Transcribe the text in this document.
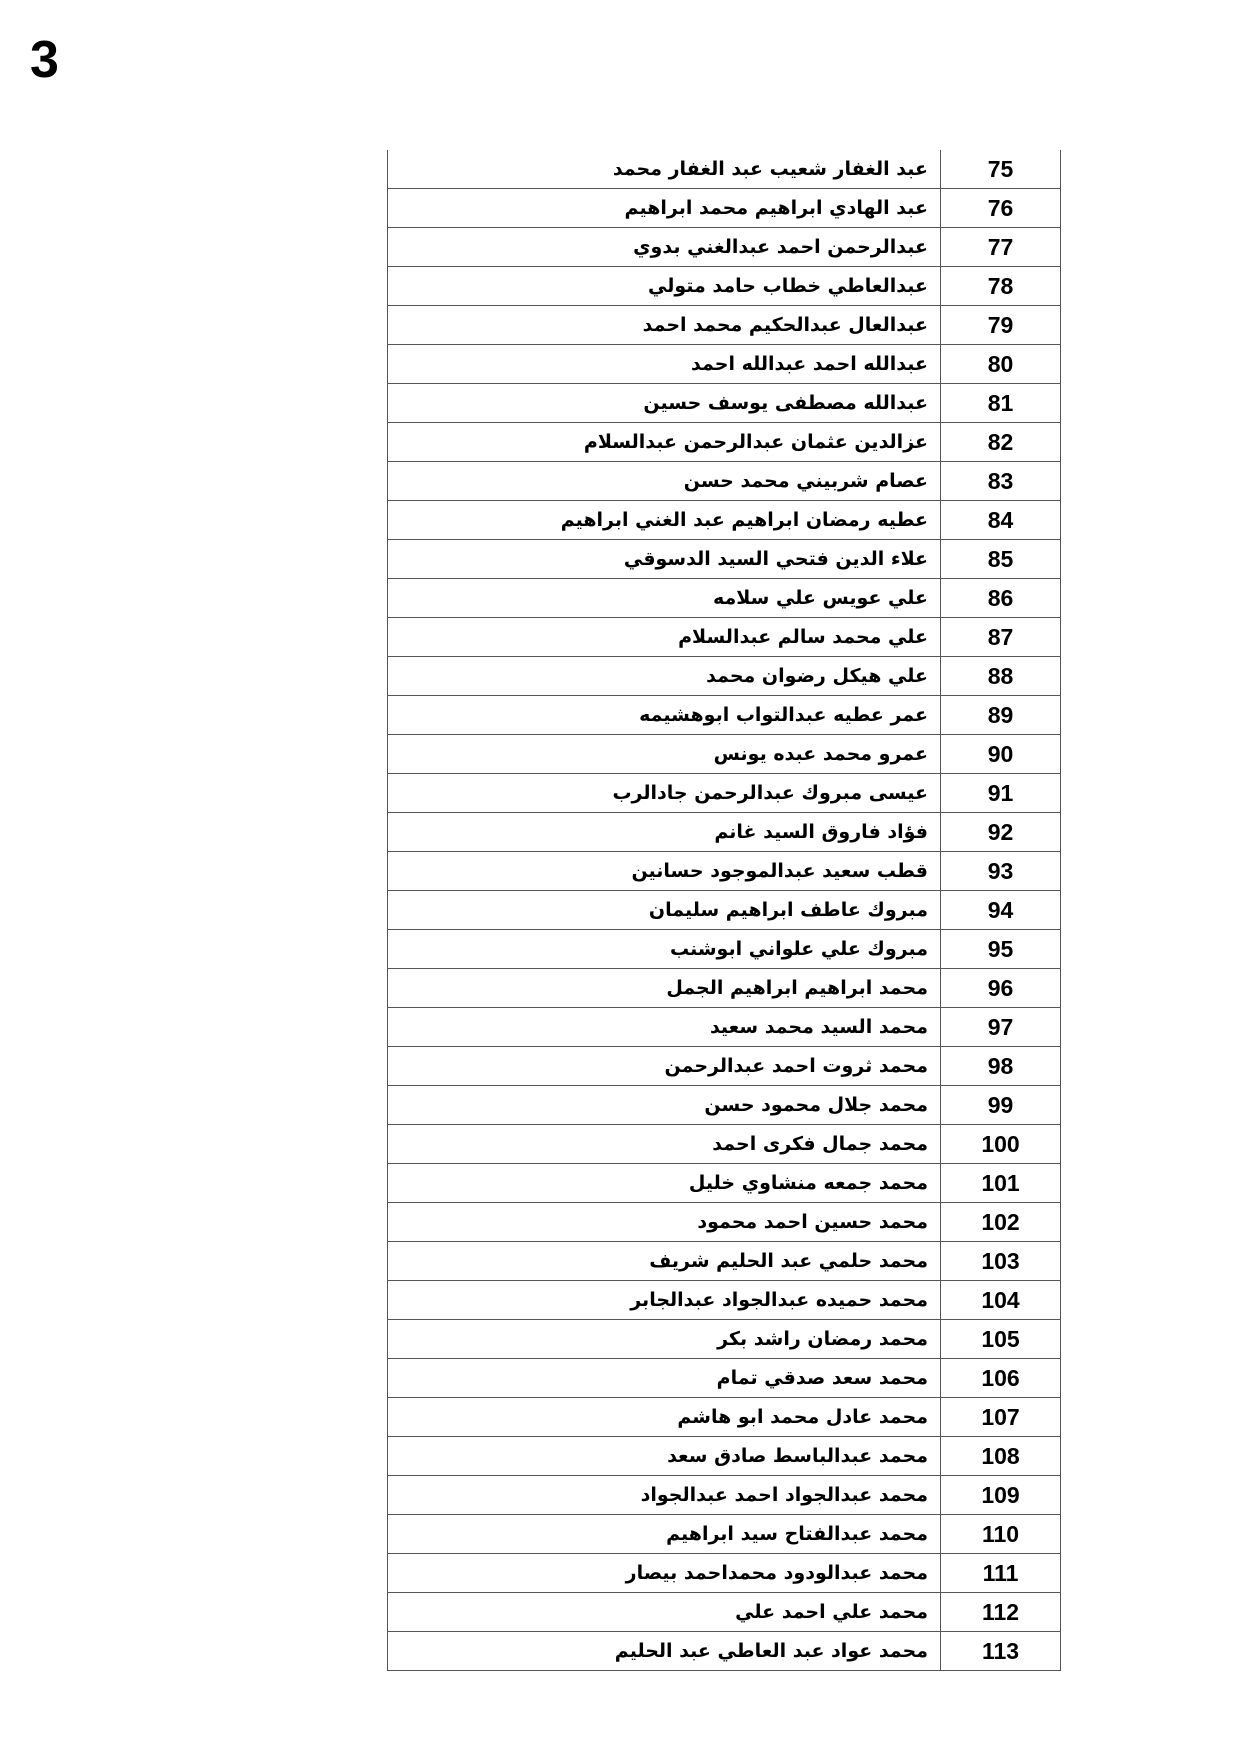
3
عبد الغفار شعيب عبد الغفار محمد	75
عبد الهادي ابراهيم محمد ابراهيم	76
عبدالرحمن احمد عبدالغني بدوي	77
عبدالعاطي خطاب حامد متولي	78
عبدالعال عبدالحكيم محمد احمد	79
عبدالله احمد عبدالله احمد	80
عبدالله مصطفى يوسف حسين	81
عزالدين عثمان عبدالرحمن عبدالسلام	82
عصام شربيني محمد حسن	83
عطيه رمضان ابراهيم عبد الغني ابراهيم	84
علاء الدين فتحي السيد الدسوقي	85
علي عويس علي سلامه	86
علي محمد سالم عبدالسلام	87
علي هيكل رضوان محمد	88
عمر عطيه عبدالتواب ابوهشيمه	89
عمرو محمد عبده يونس	90
عيسى مبروك عبدالرحمن جادالرب	91
فؤاد فاروق السيد غانم	92
قطب سعيد عبدالموجود حسانين	93
مبروك عاطف ابراهيم سليمان	94
مبروك علي علواني ابوشنب	95
محمد ابراهيم ابراهيم الجمل	96
محمد السيد محمد سعيد	97
محمد ثروت احمد عبدالرحمن	98
محمد جلال محمود حسن	99
محمد جمال فكرى احمد	100
محمد جمعه منشاوي خليل	101
محمد حسين احمد محمود	102
محمد حلمي عبد الحليم شريف	103
محمد حميده عبدالجواد عبدالجابر	104
محمد رمضان راشد بكر	105
محمد سعد صدقي تمام	106
محمد عادل محمد ابو هاشم	107
محمد عبدالباسط صادق سعد	108
محمد عبدالجواد احمد عبدالجواد	109
محمد عبدالفتاح سيد ابراهيم	110
محمد عبدالودود محمداحمد بيصار	111
محمد علي احمد علي	112
محمد عواد عبد العاطي عبد الحليم	113
